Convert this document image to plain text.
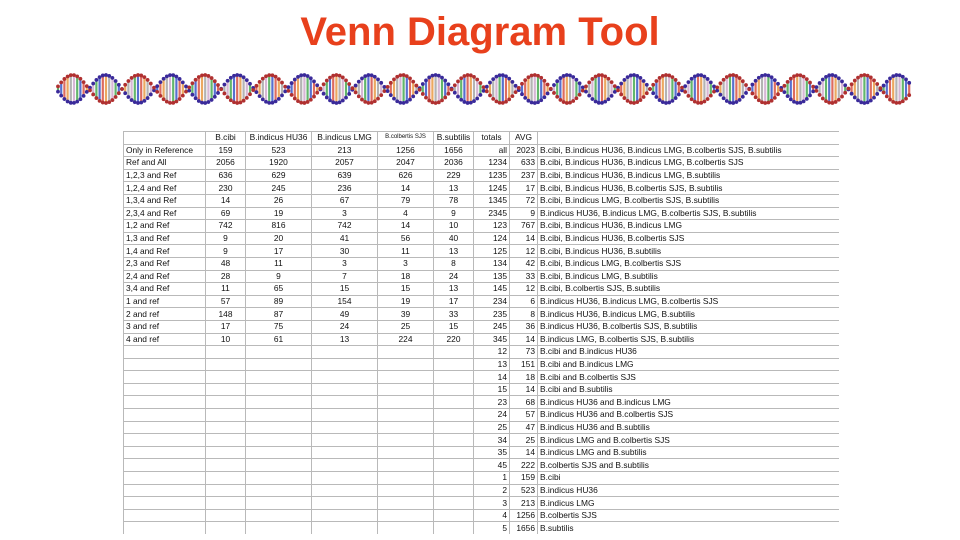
Venn Diagram Tool
	B.cibi	B.indicus HU36	B.indicus LMG	B.colbertis SJS	B.subtilis	totals	AVG	
Only in Reference	159	523	213	1256	1656	all	2023	B.cibi, B.indicus HU36, B.indicus LMG, B.colbertis SJS, B.subtilis
Ref and All	2056	1920	2057	2047	2036	1234	633	B.cibi, B.indicus HU36, B.indicus LMG, B.colbertis SJS
1,2,3 and Ref	636	629	639	626	229	1235	237	B.cibi, B.indicus HU36, B.indicus LMG, B.subtilis
1,2,4 and Ref	230	245	236	14	13	1245	17	B.cibi, B.indicus HU36, B.colbertis SJS, B.subtilis
1,3,4 and Ref	14	26	67	79	78	1345	72	B.cibi, B.indicus LMG, B.colbertis SJS, B.subtilis
2,3,4 and Ref	69	19	3	4	9	2345	9	B.indicus HU36, B.indicus LMG, B.colbertis SJS, B.subtilis
1,2 and Ref	742	816	742	14	10	123	767	B.cibi, B.indicus HU36, B.indicus LMG
1,3 and Ref	9	20	41	56	40	124	14	B.cibi, B.indicus HU36, B.colbertis SJS
1,4 and Ref	9	17	30	11	13	125	12	B.cibi, B.indicus HU36, B.subtilis
2,3 and Ref	48	11	3	3	8	134	42	B.cibi, B.indicus LMG, B.colbertis SJS
2,4 and Ref	28	9	7	18	24	135	33	B.cibi, B.indicus LMG, B.subtilis
3,4 and Ref	11	65	15	15	13	145	12	B.cibi, B.colbertis SJS, B.subtilis
1 and ref	57	89	154	19	17	234	6	B.indicus HU36, B.indicus LMG, B.colbertis SJS
2 and ref	148	87	49	39	33	235	8	B.indicus HU36, B.indicus LMG, B.subtilis
3 and ref	17	75	24	25	15	245	36	B.indicus HU36, B.colbertis SJS, B.subtilis
4 and ref	10	61	13	224	220	345	14	B.indicus LMG, B.colbertis SJS, B.subtilis
						12	73	B.cibi and B.indicus HU36
						13	151	B.cibi and B.indicus LMG
						14	18	B.cibi and B.colbertis SJS
						15	14	B.cibi and B.subtilis
						23	68	B.indicus HU36 and B.indicus LMG
						24	57	B.indicus HU36 and B.colbertis SJS
						25	47	B.indicus HU36 and B.subtilis
						34	25	B.indicus LMG and B.colbertis SJS
						35	14	B.indicus LMG and B.subtilis
						45	222	B.colbertis SJS and B.subtilis
						1	159	B.cibi
						2	523	B.indicus HU36
						3	213	B.indicus LMG
						4	1256	B.colbertis SJS
						5	1656	B.subtilis
